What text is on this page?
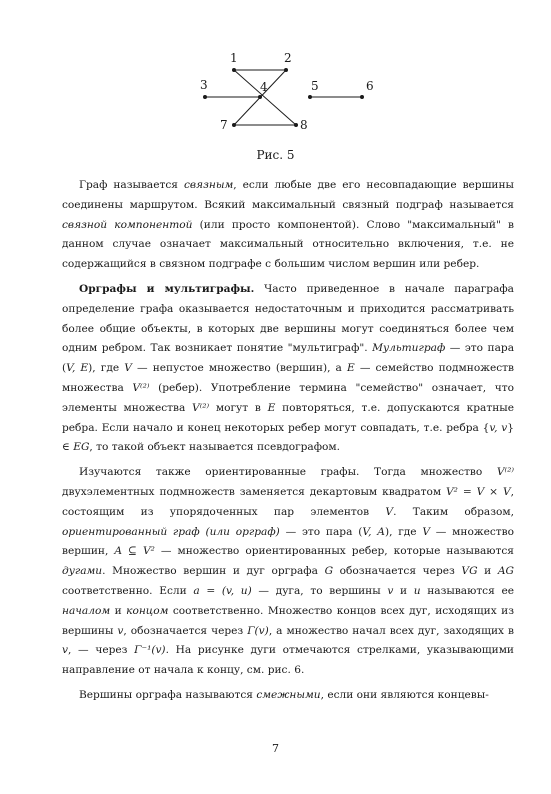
1	2
3	4	5	6
7	8
Рис. 5

Граф называется связным, если любые две его несовпадающие вершины соединены маршрутом. Всякий максимальный связный подграф называется связной компонентой (или просто компонентой). Слово "максимальный" в данном случае означает максимальный относительно включения, т.е. не содержащийся в связном подграфе с большим числом вершин или ребер.

Орграфы и мультиграфы. Часто приведенное в начале параграфа определение графа оказывается недостаточным и приходится рассматривать более общие объекты, в которых две вершины могут соединяться более чем одним ребром. Так возникает понятие "мультиграф". Мультиграф — это пара (V, E), где V — непустое множество (вершин), а E — семейство подмножеств множества V⁽²⁾ (ребер). Употребление термина "семейство" означает, что элементы множества V⁽²⁾ могут в E повторяться, т.е. допускаются кратные ребра. Если начало и конец некоторых ребер могут совпадать, т.е. ребра {v, v} ∈ EG, то такой объект называется псевдографом.

Изучаются также ориентированные графы. Тогда множество V⁽²⁾ двухэлементных подмножеств заменяется декартовым квадратом V² = V × V, состоящим из упорядоченных пар элементов V. Таким образом, ориентированный граф (или орграф) — это пара (V, A), где V — множество вершин, A ⊆ V² — множество ориентированных ребер, которые называются дугами. Множество вершин и дуг орграфа G обозначается через VG и AG соответственно. Если a = (v, u) — дуга, то вершины v и u называются ее началом и концом соответственно. Множество концов всех дуг, исходящих из вершины v, обозначается через Γ(v), а множество начал всех дуг, заходящих в v, — через Γ⁻¹(v). На рисунке дуги отмечаются стрелками, указывающими направление от начала к концу, см. рис. 6.

Вершины орграфа называются смежными, если они являются концевы-

7
